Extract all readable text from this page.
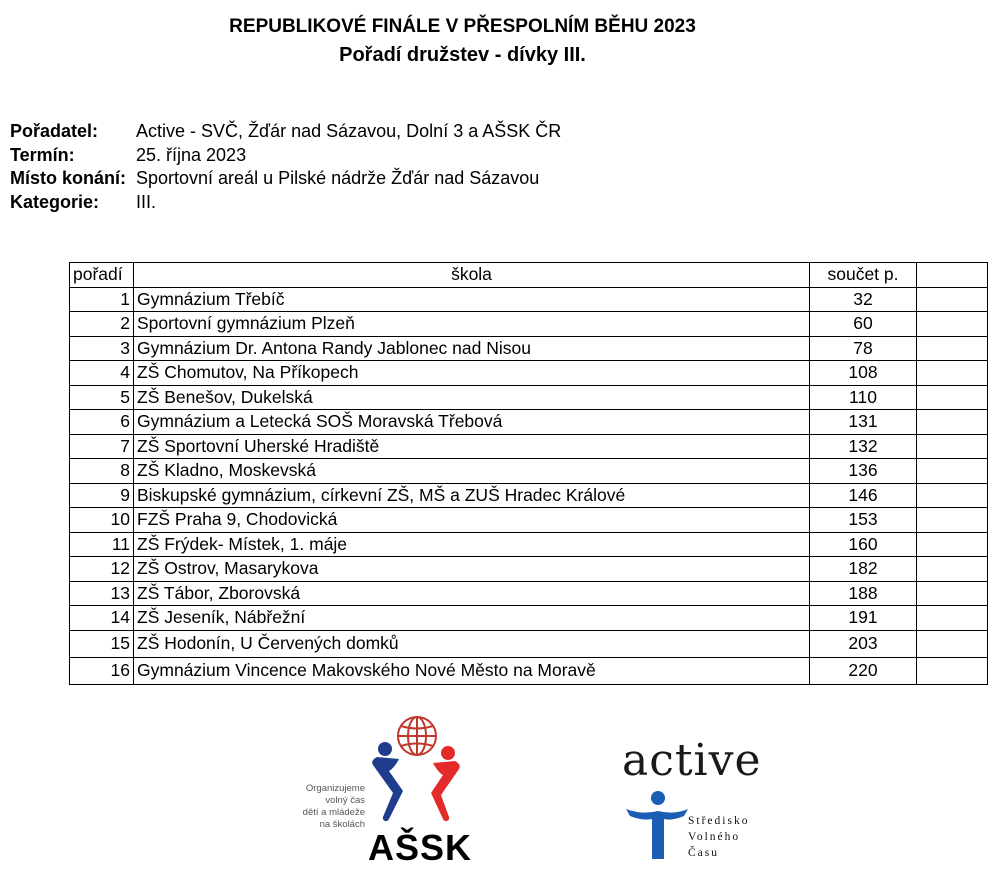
REPUBLIKOVÉ FINÁLE V PŘESPOLNÍM BĚHU 2023
Pořadí družstev - dívky III.
Pořadatel:	Active - SVČ, Žďár nad Sázavou, Dolní 3 a AŠSK ČR
Termín:	25. října 2023
Místo konání: Sportovní areál u Pilské nádrže Žďár nad Sázavou
Kategorie:	III.
pořadí	škola	součet p.	
1	Gymnázium Třebíč	32	
2	Sportovní gymnázium Plzeň	60	
3	Gymnázium Dr. Antona Randy Jablonec nad Nisou	78	
4	ZŠ Chomutov, Na Příkopech	108	
5	ZŠ Benešov, Dukelská	110	
6	Gymnázium a Letecká SOŠ Moravská Třebová	131	
7	ZŠ Sportovní Uherské Hradiště	132	
8	ZŠ Kladno, Moskevská	136	
9	Biskupské gymnázium, církevní ZŠ, MŠ a ZUŠ Hradec Králové	146	
10	FZŠ Praha 9, Chodovická	153	
11	ZŠ Frýdek- Místek, 1. máje	160	
12	ZŠ Ostrov, Masarykova	182	
13	ZŠ Tábor, Zborovská	188	
14	ZŠ Jeseník, Nábřežní	191	
15	ZŠ Hodonín, U Červených domků	203	
16	Gymnázium Vincence Makovského Nové Město na Moravě	220	
Organizujeme
volný čas
dětí a mládeže
na školách
AŠSK
active
Středisko
Volného
Času
